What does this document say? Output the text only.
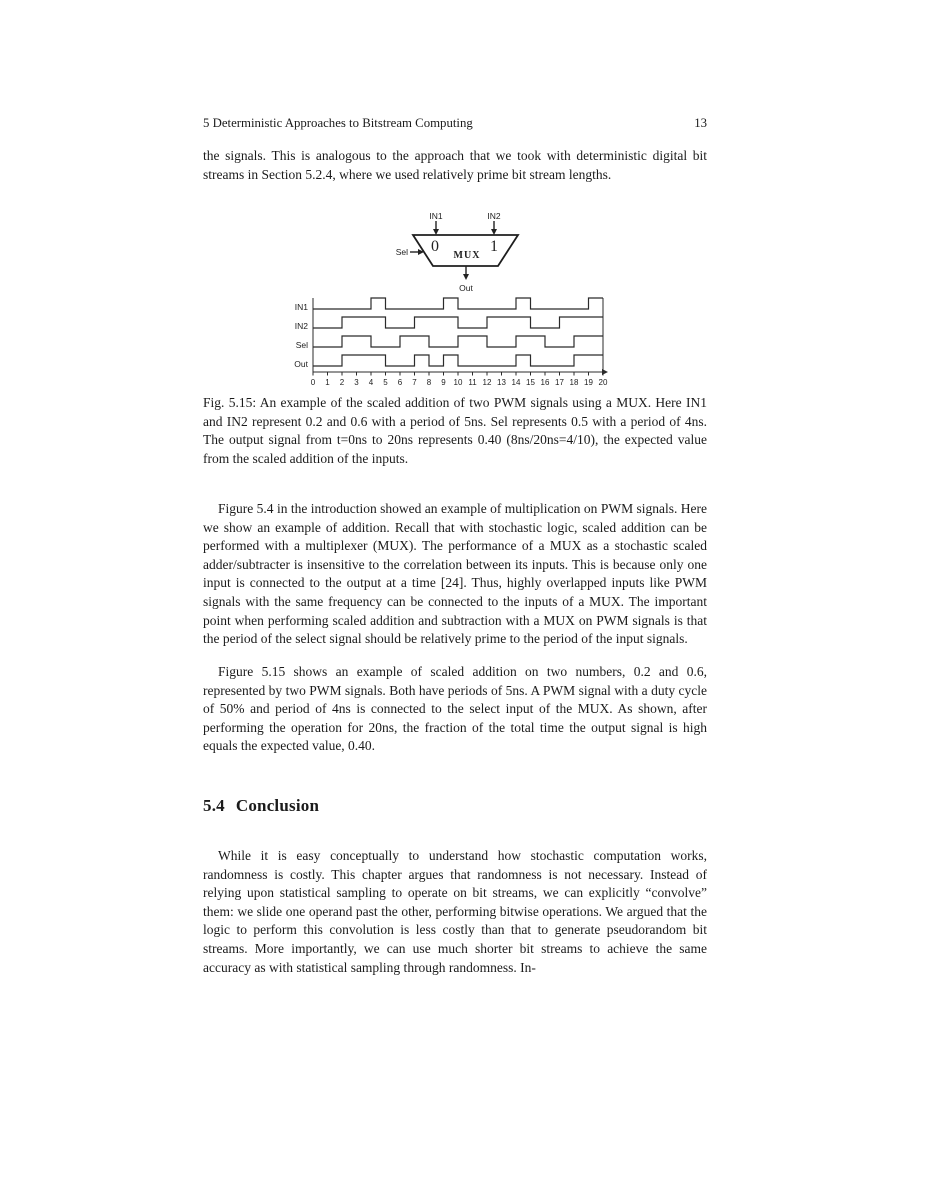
5 Deterministic Approaches to Bitstream Computing	13
the signals. This is analogous to the approach that we took with deterministic digital bit streams in Section 5.2.4, where we used relatively prime bit stream lengths.
IN1	IN2
0	1
MUX
Sel
Out
IN1
IN2
Sel
Out
0 1 2 3 4 5 6 7 8 9 10 11 12 13 14 15 16 17 18 19 20
Fig. 5.15: An example of the scaled addition of two PWM signals using a MUX. Here IN1 and IN2 represent 0.2 and 0.6 with a period of 5ns. Sel represents 0.5 with a period of 4ns. The output signal from t=0ns to 20ns represents 0.40 (8ns/20ns=4/10), the expected value from the scaled addition of the inputs.
Figure 5.4 in the introduction showed an example of multiplication on PWM signals. Here we show an example of addition. Recall that with stochastic logic, scaled addition can be performed with a multiplexer (MUX). The performance of a MUX as a stochastic scaled adder/subtracter is insensitive to the correlation between its inputs. This is because only one input is connected to the output at a time [24]. Thus, highly overlapped inputs like PWM signals with the same frequency can be connected to the inputs of a MUX. The important point when performing scaled addition and subtraction with a MUX on PWM signals is that the period of the select signal should be relatively prime to the period of the input signals.
Figure 5.15 shows an example of scaled addition on two numbers, 0.2 and 0.6, represented by two PWM signals. Both have periods of 5ns. A PWM signal with a duty cycle of 50% and period of 4ns is connected to the select input of the MUX. As shown, after performing the operation for 20ns, the fraction of the total time the output signal is high equals the expected value, 0.40.
5.4 Conclusion
While it is easy conceptually to understand how stochastic computation works, randomness is costly. This chapter argues that randomness is not necessary. Instead of relying upon statistical sampling to operate on bit streams, we can explicitly “convolve” them: we slide one operand past the other, performing bitwise operations. We argued that the logic to perform this convolution is less costly than that to generate pseudorandom bit streams. More importantly, we can use much shorter bit streams to achieve the same accuracy as with statistical sampling through randomness. In-
